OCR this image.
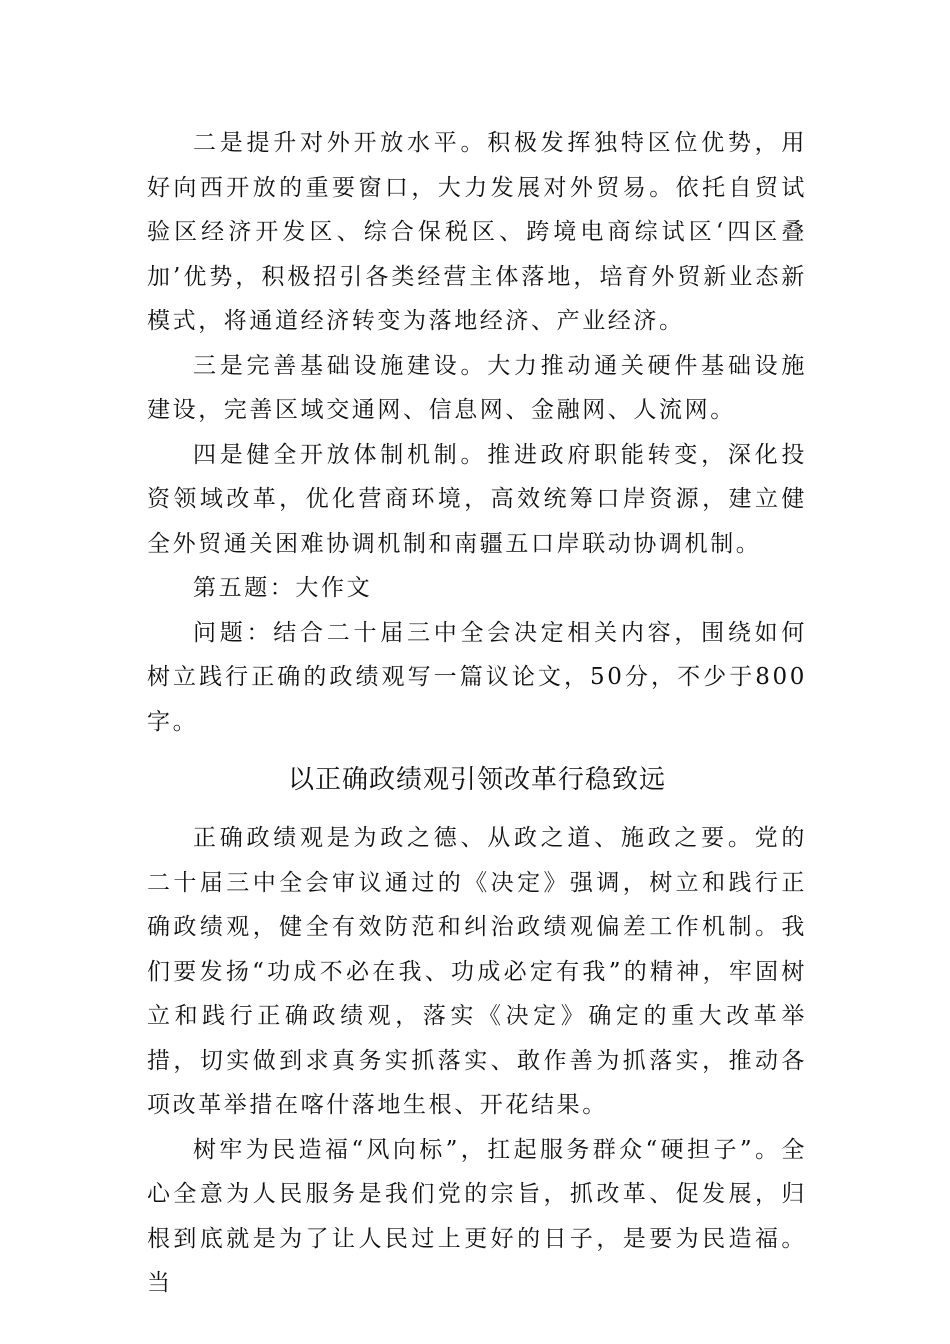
二是提升对外开放水平。积极发挥独特区位优势，用好向西开放的重要窗口，大力发展对外贸易。依托自贸试验区经济开发区、综合保税区、跨境电商综试区‘四区叠加’优势，积极招引各类经营主体落地，培育外贸新业态新模式，将通道经济转变为落地经济、产业经济。

三是完善基础设施建设。大力推动通关硬件基础设施建设，完善区域交通网、信息网、金融网、人流网。

四是健全开放体制机制。推进政府职能转变，深化投资领域改革，优化营商环境，高效统筹口岸资源，建立健全外贸通关困难协调机制和南疆五口岸联动协调机制。

第五题：大作文

问题：结合二十届三中全会决定相关内容，围绕如何树立践行正确的政绩观写一篇议论文，50分，不少于800字。

以正确政绩观引领改革行稳致远

正确政绩观是为政之德、从政之道、施政之要。党的二十届三中全会审议通过的《决定》强调，树立和践行正确政绩观，健全有效防范和纠治政绩观偏差工作机制。我们要发扬“功成不必在我、功成必定有我”的精神，牢固树立和践行正确政绩观，落实《决定》确定的重大改革举措，切实做到求真务实抓落实、敢作善为抓落实，推动各项改革举措在喀什落地生根、开花结果。

树牢为民造福“风向标”，扛起服务群众“硬担子”。全心全意为人民服务是我们党的宗旨，抓改革、促发展，归根到底就是为了让人民过上更好的日子，是要为民造福。当
